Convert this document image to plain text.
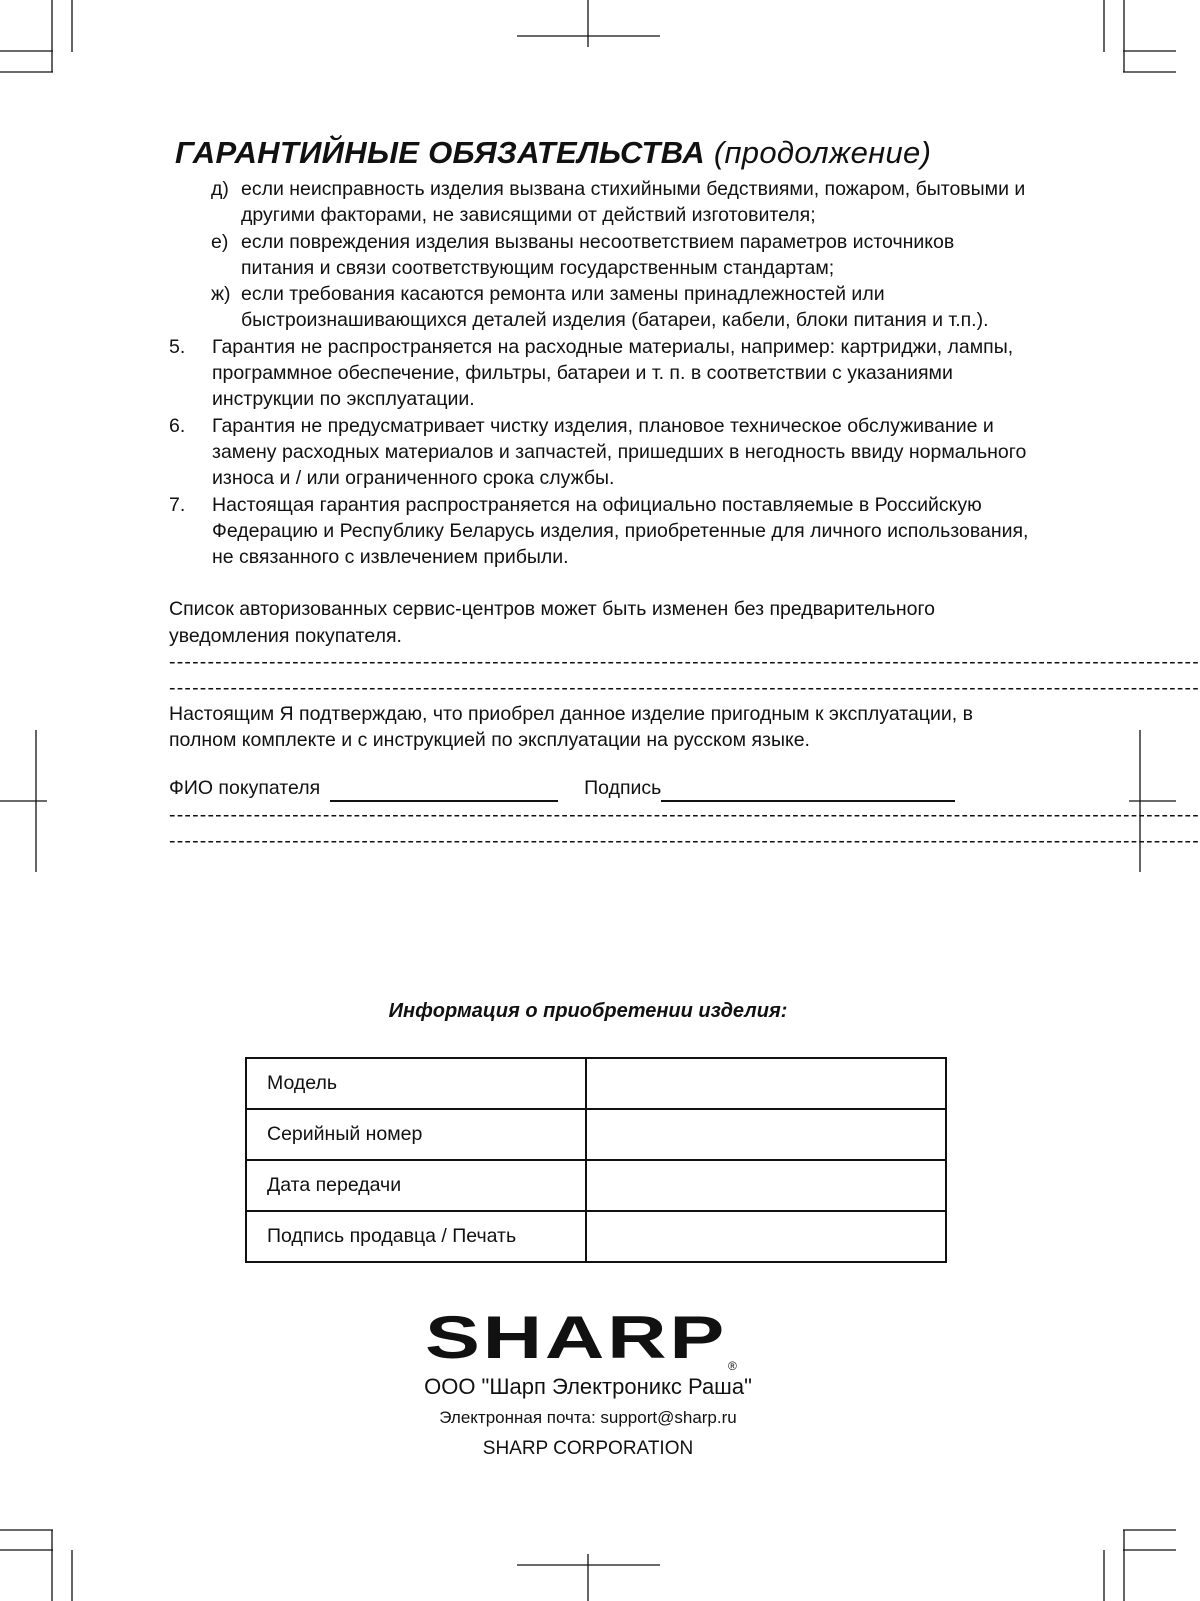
ГАРАНТИЙНЫЕ ОБЯЗАТЕЛЬСТВА (продолжение)
д) если неисправность изделия вызвана стихийными бедствиями, пожаром, бытовыми и другими факторами, не зависящими от действий изготовителя;
е) если повреждения изделия вызваны несоответствием параметров источников питания и связи соответствующим государственным стандартам;
ж) если требования касаются ремонта или замены принадлежностей или быстроизнашивающихся деталей изделия (батареи, кабели, блоки питания и т.п.).
5.	Гарантия не распространяется на расходные материалы, например: картриджи, лампы, программное обеспечение, фильтры, батареи и т. п. в соответствии с указаниями инструкции по эксплуатации.
6.	Гарантия не предусматривает чистку изделия, плановое техническое обслуживание и замену расходных материалов и запчастей, пришедших в негодность ввиду нормального износа и / или ограниченного срока службы.
7.	Настоящая гарантия распространяется на официально поставляемые в Российскую Федерацию и Республику Беларусь изделия, приобретенные для личного использования, не связанного с извлечением прибыли.

Список авторизованных сервис-центров может быть изменен без предварительного уведомления покупателя.

--------------------------------------------------------------------------------------------------------------------------------------
--------------------------------------------------------------------------------------------------------------------------------------

Настоящим Я подтверждаю, что приобрел данное изделие пригодным к эксплуатации, в полном комплекте и с инструкцией по эксплуатации на русском языке.

ФИО покупателя	Подпись
--------------------------------------------------------------------------------------------------------------------------------------
--------------------------------------------------------------------------------------------------------------------------------------
Информация о приобретении изделия:
Модель	
Серийный номер	
Дата передачи	
Подпись продавца / Печать	
SHARP ®

ООО "Шарп Электроникс Раша"

Электронная почта: support@sharp.ru

SHARP CORPORATION
